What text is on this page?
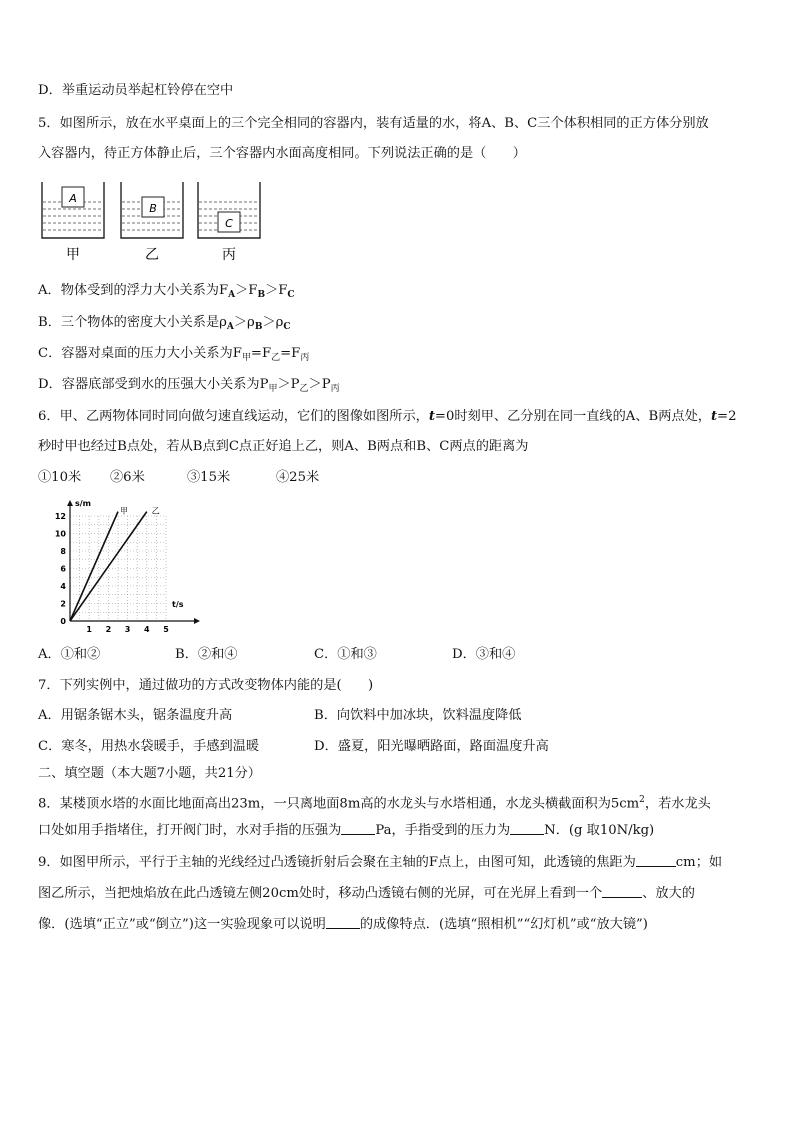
D．举重运动员举起杠铃停在空中
5．如图所示，放在水平桌面上的三个完全相同的容器内，装有适量的水，将A、B、C三个体积相同的正方体分别放
入容器内，待正方体静止后，三个容器内水面高度相同。下列说法正确的是（　　）
A
甲
B
乙
C
丙
A．物体受到的浮力大小关系为$F_A>F_B>F_C$
B．三个物体的密度大小关系是$\rho_A>\rho_B>\rho_C$
C．容器对桌面的压力大小关系为$F_甲=F_乙=F_丙$
D．容器底部受到水的压强大小关系为$P_甲>P_乙>P_丙$
6．甲、乙两物体同时同向做匀速直线运动，它们的图像如图所示，t=0时刻甲、乙分别在同一直线的A、B两点处，t=2
秒时甲也经过B点处，若从B点到C点正好追上乙，则A、B两点和B、C两点的距离为
①10米 ②6米	③15米	④25米
1 2 3 4 5
2
4
6
8
10
12
0
t/s
s/m
甲	乙
A．①和②	B．②和④	C．①和③	D．③和④
7．下列实例中，通过做功的方式改变物体内能的是(　　)
A．用锯条锯木头，锯条温度升高	B．向饮料中加冰块，饮料温度降低
C．寒冬，用热水袋暖手，手感到温暖	D．盛夏，阳光曝晒路面，路面温度升高
二、填空题（本大题7小题，共21分）
8．某楼顶水塔的水面比地面高出23m，一只离地面8m高的水龙头与水塔相通，水龙头横截面积为$5cm^2$，若水龙头
口处如用手指堵住，打开阀门时，水对手指的压强为	Pa，手指受到的压力为	N．(g 取10N/kg)
9．如图甲所示，平行于主轴的光线经过凸透镜折射后会聚在主轴的F点上，由图可知，此透镜的焦距为	cm；如
图乙所示，当把烛焰放在此凸透镜左侧20cm处时，移动凸透镜右侧的光屏，可在光屏上看到一个	、放大的
像．(选填“正立”或“倒立”)这一实验现象可以说明	的成像特点．(选填“照相机”“幻灯机”或“放大镜”)
